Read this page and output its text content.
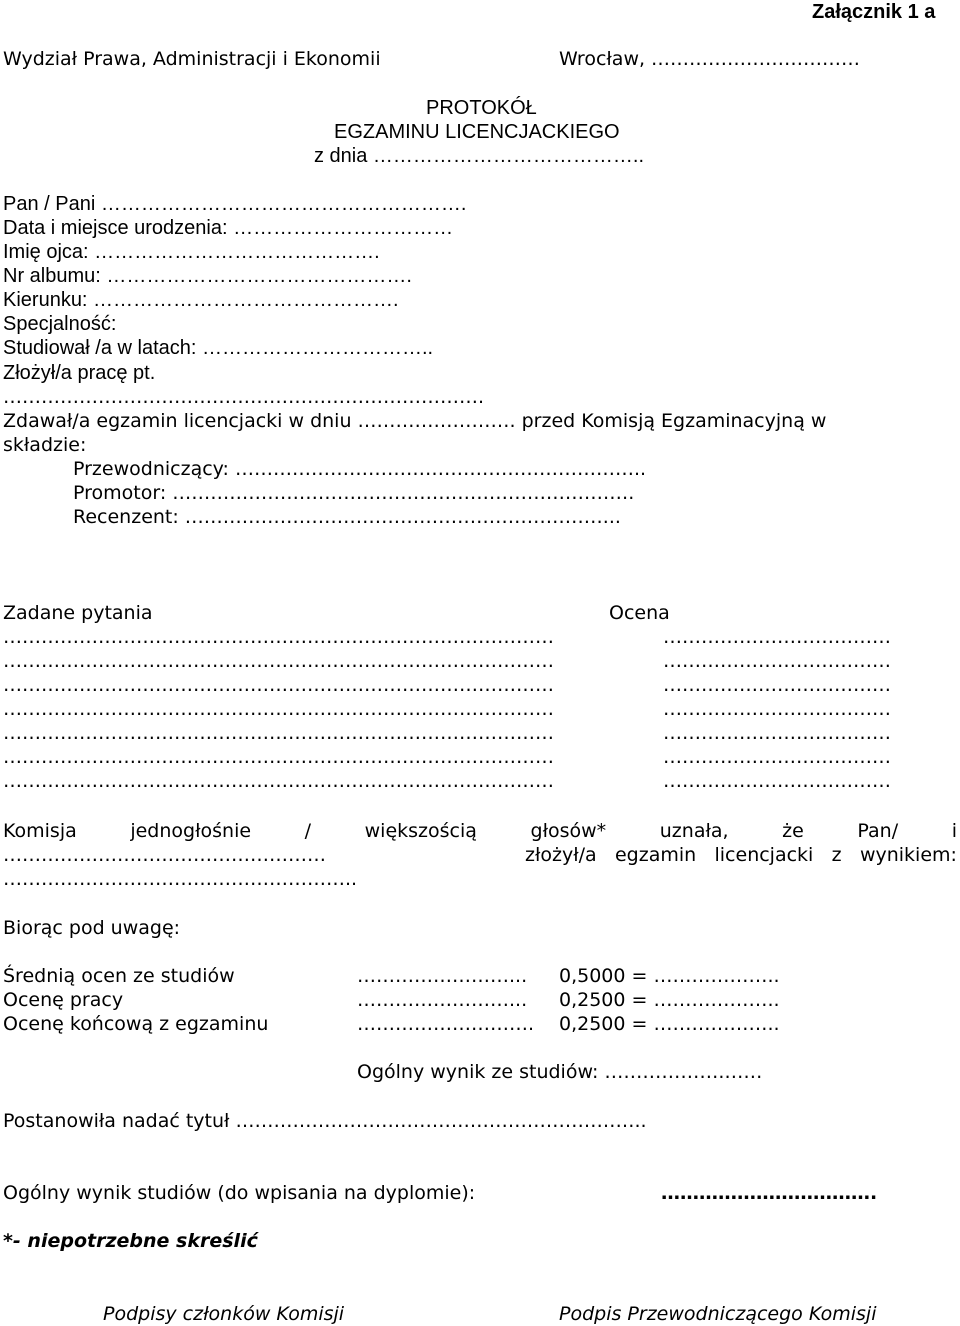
Załącznik 1 a
Wydział Prawa, Administracji i Ekonomii	Wrocław, ……………………………
PROTOKÓŁ
EGZAMINU LICENCJACKIEGO
z dnia …………………………………..
Pan / Pani ……………………………………………….
Data i miejsce urodzenia: ……………………………
Imię ojca: …………………………………….
Nr albumu: ……………………………………….
Kierunku: ……………………………………….
Specjalność:
Studiował /a w latach: ……………………………..
Złożył/a pracę pt.
………………………………………………………………….
Zdawał/a egzamin licencjacki w dniu ……………………. przed Komisją Egzaminacyjną w
składzie:
Przewodniczący: ………………………………………………………..
Promotor: ……………………………………………………………….
Recenzent: …………………………………………………………...
Zadane pytania	Ocena
……………………………………………………………………………	………………………………
……………………………………………………………………………	………………………………
……………………………………………………………………………	………………………………
……………………………………………………………………………	………………………………
……………………………………………………………………………	………………………………
……………………………………………………………………………	………………………………
……………………………………………………………………………	………………………………
Komisja	jednogłośnie	/	większością	głosów*	uznała,	że	Pan/	i
……………………………………………	złożył/a egzamin licencjacki z wynikiem:
………………………………………………..
Biorąc pod uwagę:
Średnią ocen ze studiów	……………………... 0,5000 = ………………..
Ocenę pracy	……………………... 0,2500 = ………………..
Ocenę końcową z egzaminu	………………………. 0,2500 = ………………..
Ogólny wynik ze studiów: ……………….……
Postanowiła nadać tytuł ………………………………………………………..
Ogólny wynik studiów (do wpisania na dyplomie):	…………………………….
*- niepotrzebne skreślić
Podpisy członków Komisji	Podpis Przewodniczącego Komisji
